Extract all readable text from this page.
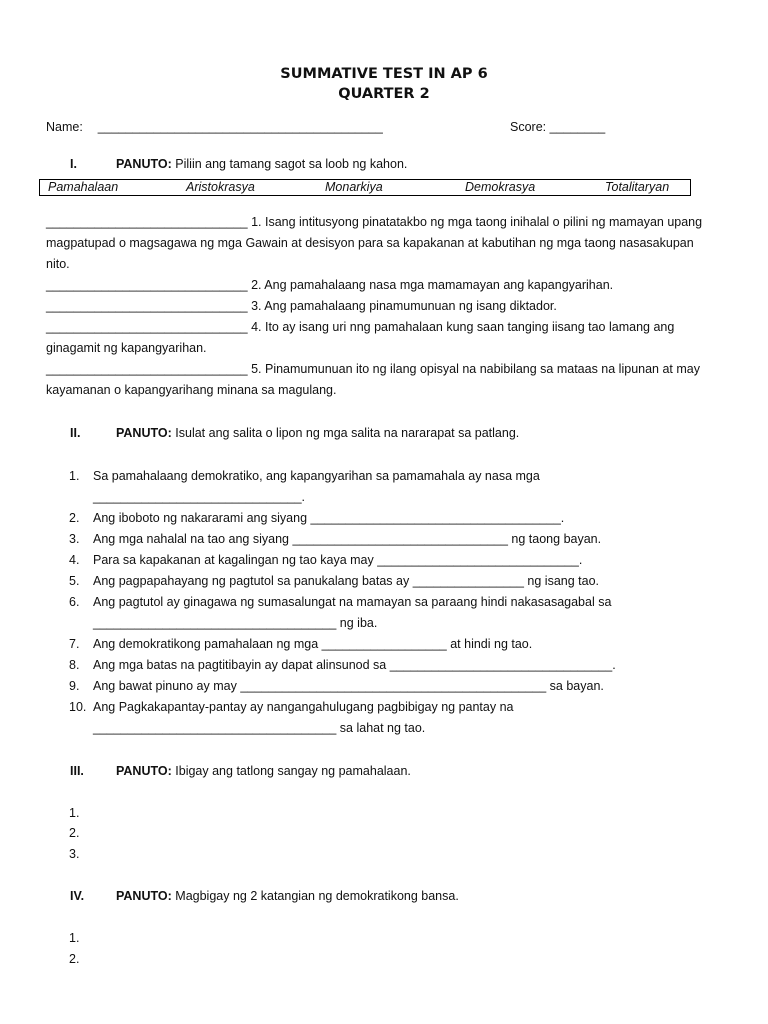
SUMMATIVE TEST IN AP 6
QUARTER 2
Name: _________________________________________	Score: ________
I.	PANUTO: Piliin ang tamang sagot sa loob ng kahon.
Pamahalaan	Aristokrasya	Monarkiya	Demokrasya	Totalitaryan

_____________________________ 1. Isang intitusyong pinatatakbo ng mga taong inihalal o pilini ng mamayan upang

magpatupad o magsagawa ng mga Gawain at desisyon para sa kapakanan at kabutihan ng mga taong nasasakupan

nito.

_____________________________ 2. Ang pamahalaang nasa mga mamamayan ang kapangyarihan.

_____________________________ 3. Ang pamahalaang pinamumunuan ng isang diktador.

_____________________________ 4. Ito ay isang uri nng pamahalaan kung saan tanging iisang tao lamang ang

ginagamit ng kapangyarihan.

_____________________________ 5. Pinamumunuan ito ng ilang opisyal na nabibilang sa mataas na lipunan at may

kayamanan o kapangyarihang minana sa magulang.

II.	PANUTO: Isulat ang salita o lipon ng mga salita na nararapat sa patlang.
1. Sa pamahalaang demokratiko, ang kapangyarihan sa pamamahala ay nasa mga
______________________________.
2. Ang iboboto ng nakararami ang siyang ____________________________________.
3. Ang mga nahalal na tao ang siyang _______________________________ ng taong bayan.
4. Para sa kapakanan at kagalingan ng tao kaya may _____________________________.
5. Ang pagpapahayang ng pagtutol sa panukalang batas ay ________________ ng isang tao.
6. Ang pagtutol ay ginagawa ng sumasalungat na mamayan sa paraang hindi nakasasagabal sa
___________________________________ ng iba.
7. Ang demokratikong pamahalaan ng mga __________________ at hindi ng tao.
8. Ang mga batas na pagtitibayin ay dapat alinsunod sa ________________________________.
9. Ang bawat pinuno ay may ____________________________________________ sa bayan.
10. Ang Pagkakapantay-pantay ay nangangahulugang pagbibigay ng pantay na
___________________________________ sa lahat ng tao.
III.	PANUTO: Ibigay ang tatlong sangay ng pamahalaan.
1.
2.
3.
IV.	PANUTO: Magbigay ng 2 katangian ng demokratikong bansa.
1.
2.
